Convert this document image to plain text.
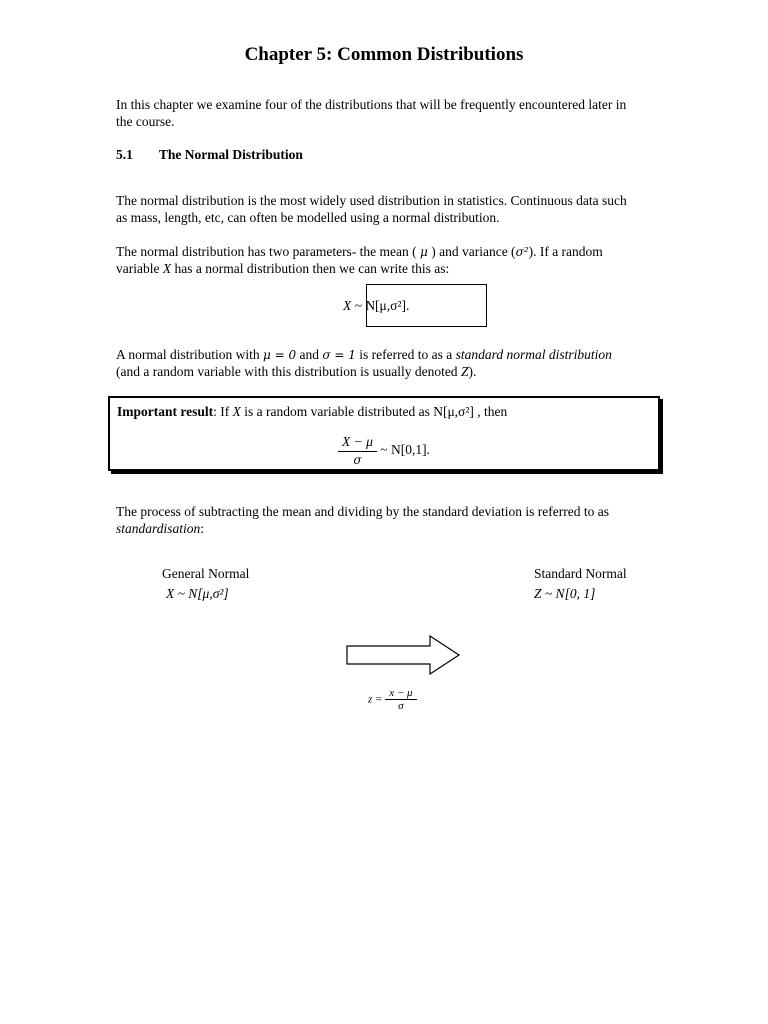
Chapter 5: Common Distributions
In this chapter we examine four of the distributions that will be frequently encountered later in the course.
5.1 The Normal Distribution
The normal distribution is the most widely used distribution in statistics. Continuous data such as mass, length, etc, can often be modelled using a normal distribution.
The normal distribution has two parameters- the mean ( μ ) and variance (σ²). If a random
variable X has a normal distribution then we can write this as:
X ~ N[μ,σ²].
A normal distribution with μ = 0 and σ = 1 is referred to as a standard normal distribution
(and a random variable with this distribution is usually denoted Z).
Important result: If X is a random variable distributed as N[μ,σ²] , then
$\frac{X - \mu}{\sigma}$ ~ N[0,1].
The process of subtracting the mean and dividing by the standard deviation is referred to as
standardisation:
General Normal
X ~ N[μ,σ²]
Standard Normal
Z ~ N[0, 1]
$z = \frac{x - \mu}{\sigma}$
